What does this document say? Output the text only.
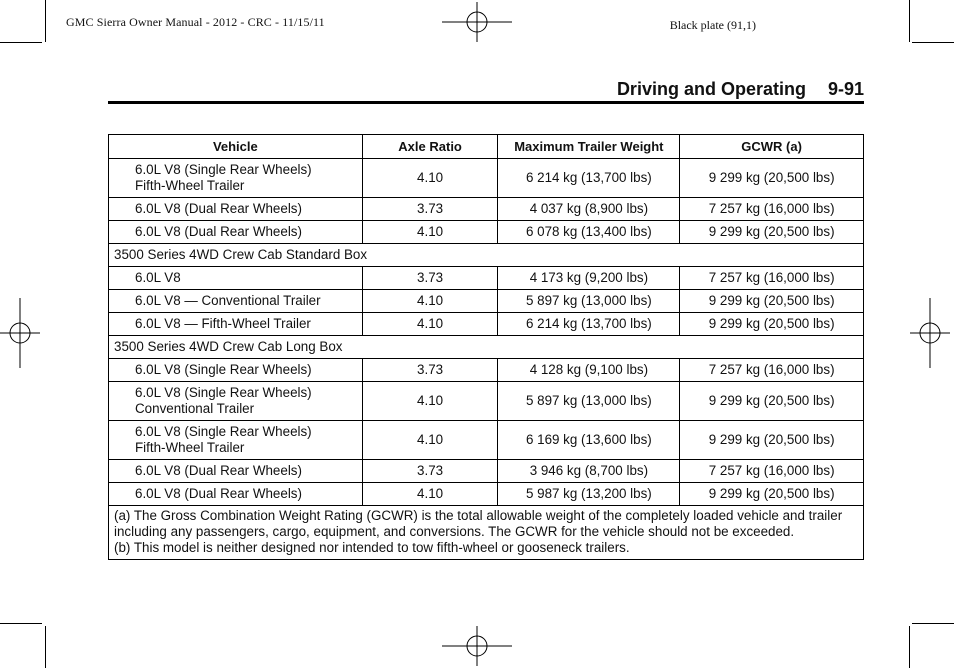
GMC Sierra Owner Manual - 2012 - CRC - 11/15/11	Black plate (91,1)
Driving and Operating 9-91
Vehicle	Axle Ratio	Maximum Trailer Weight	GCWR (a)

6.0L V8 (Single Rear Wheels)
Fifth-Wheel Trailer	4.10	6 214 kg (13,700 lbs)	9 299 kg (20,500 lbs)
6.0L V8 (Dual Rear Wheels)	3.73	4 037 kg (8,900 lbs)	7 257 kg (16,000 lbs)
6.0L V8 (Dual Rear Wheels)	4.10	6 078 kg (13,400 lbs)	9 299 kg (20,500 lbs)
3500 Series 4WD Crew Cab Standard Box			
6.0L V8	3.73	4 173 kg (9,200 lbs)	7 257 kg (16,000 lbs)
6.0L V8 — Conventional Trailer	4.10	5 897 kg (13,000 lbs)	9 299 kg (20,500 lbs)
6.0L V8 — Fifth-Wheel Trailer	4.10	6 214 kg (13,700 lbs)	9 299 kg (20,500 lbs)
3500 Series 4WD Crew Cab Long Box			
6.0L V8 (Single Rear Wheels)	3.73	4 128 kg (9,100 lbs)	7 257 kg (16,000 lbs)

6.0L V8 (Single Rear Wheels)
Conventional Trailer	4.10	5 897 kg (13,000 lbs)	9 299 kg (20,500 lbs)

6.0L V8 (Single Rear Wheels)
Fifth-Wheel Trailer	4.10	6 169 kg (13,600 lbs)	9 299 kg (20,500 lbs)
6.0L V8 (Dual Rear Wheels)	3.73	3 946 kg (8,700 lbs)	7 257 kg (16,000 lbs)
6.0L V8 (Dual Rear Wheels)	4.10	5 987 kg (13,200 lbs)	9 299 kg (20,500 lbs)

(a) The Gross Combination Weight Rating (GCWR) is the total allowable weight of the completely loaded vehicle and trailer including any passengers, cargo, equipment, and conversions. The GCWR for the vehicle should not be exceeded.
(b) This model is neither designed nor intended to tow fifth-wheel or gooseneck trailers.			
